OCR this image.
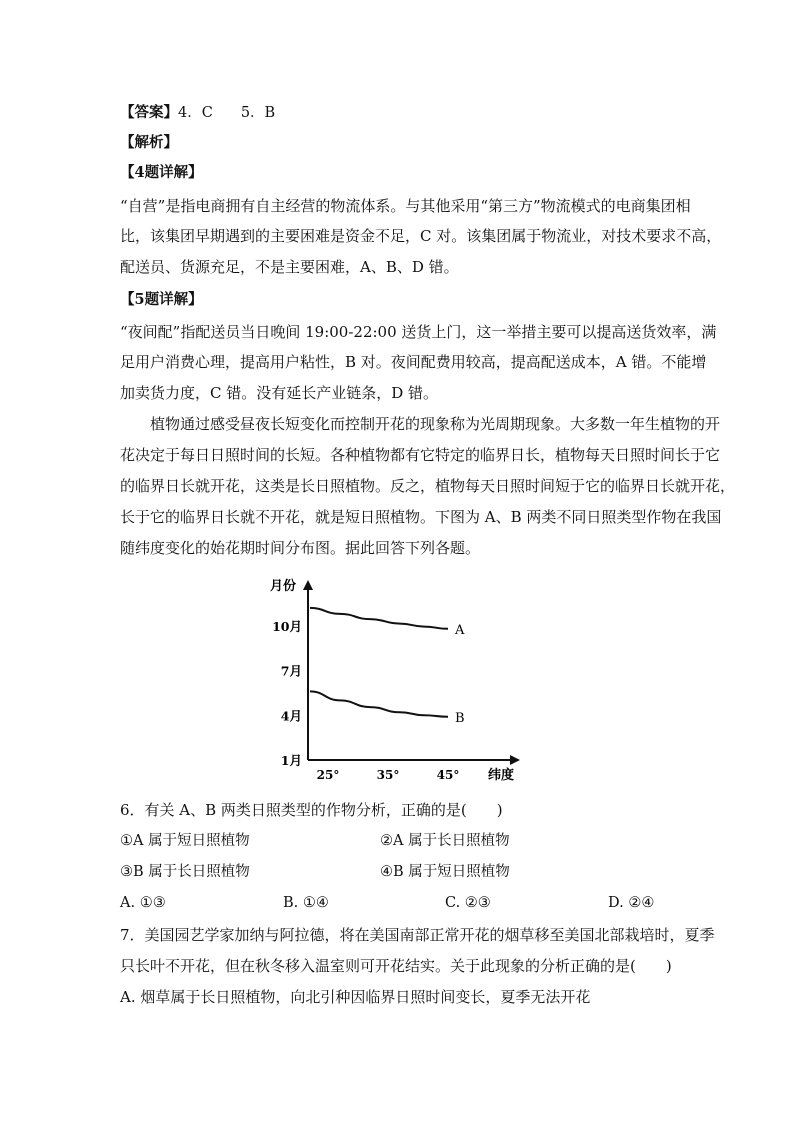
【答案】4．C 5．B
【解析】
【4题详解】
“自营”是指电商拥有自主经营的物流体系。与其他采用“第三方”物流模式的电商集团相
比，该集团早期遇到的主要困难是资金不足，C 对。该集团属于物流业，对技术要求不高，
配送员、货源充足，不是主要困难，A、B、D 错。
【5题详解】
“夜间配”指配送员当日晚间 19:00-22:00 送货上门，这一举措主要可以提高送货效率，满
足用户消费心理，提高用户粘性，B 对。夜间配费用较高，提高配送成本，A 错。不能增
加卖货力度，C 错。没有延长产业链条，D 错。
植物通过感受昼夜长短变化而控制开花的现象称为光周期现象。大多数一年生植物的开
花决定于每日日照时间的长短。各种植物都有它特定的临界日长，植物每天日照时间长于它
的临界日长就开花，这类是长日照植物。反之，植物每天日照时间短于它的临界日长就开花，
长于它的临界日长就不开花，就是短日照植物。下图为 A、B 两类不同日照类型作物在我国
随纬度变化的始花期时间分布图。据此回答下列各题。
1月
4月
7月
10月
25°	35°	45°
月份
纬度
A
B
6．有关 A、B 两类日照类型的作物分析，正确的是(　　)
①A 属于短日照植物	②A 属于长日照植物
③B 属于长日照植物	④B 属于短日照植物
A. ①③	B. ①④	C. ②③	D. ②④
7．美国园艺学家加纳与阿拉德，将在美国南部正常开花的烟草移至美国北部栽培时，夏季
只长叶不开花，但在秋冬移入温室则可开花结实。关于此现象的分析正确的是(　　)
A. 烟草属于长日照植物，向北引种因临界日照时间变长，夏季无法开花
